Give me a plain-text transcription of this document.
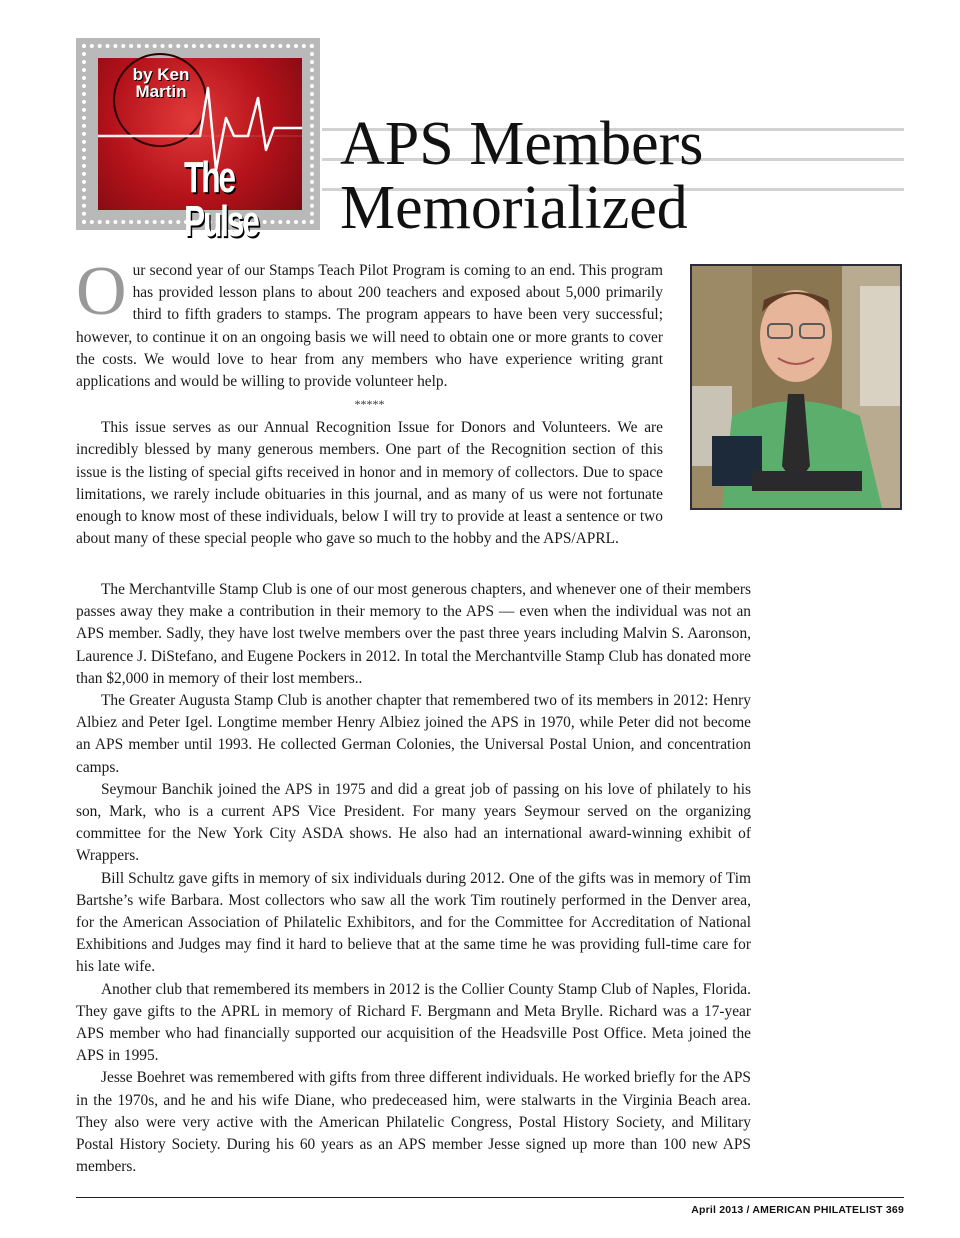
by Ken Martin
The Pulse
APS Members Memorialized

Our second year of our Stamps Teach Pilot Program is coming to an end. This program has provided lesson plans to about 200 teachers and exposed about 5,000 primarily third to fifth graders to stamps. The program appears to have been very successful; however, to continue it on an ongoing basis we will need to obtain one or more grants to cover the costs. We would love to hear from any members who have experience writing grant applications and would be willing to provide volunteer help.

*****

This issue serves as our Annual Recognition Issue for Donors and Volunteers. We are incredibly blessed by many generous members. One part of the Recognition section of this issue is the listing of special gifts received in honor and in memory of collectors. Due to space limitations, we rarely include obituaries in this journal, and as many of us were not fortunate enough to know most of these individuals, below I will try to provide at least a sentence or two about many of these special people who gave so much to the hobby and the APS/APRL.

The Merchantville Stamp Club is one of our most generous chapters, and whenever one of their members passes away they make a contribution in their memory to the APS — even when the individual was not an APS member. Sadly, they have lost twelve members over the past three years including Malvin S. Aaronson, Laurence J. DiStefano, and Eugene Pockers in 2012. In total the Merchantville Stamp Club has donated more than $2,000 in memory of their lost members..

The Greater Augusta Stamp Club is another chapter that remembered two of its members in 2012: Henry Albiez and Peter Igel. Longtime member Henry Albiez joined the APS in 1970, while Peter did not become an APS member until 1993. He collected German Colonies, the Universal Postal Union, and concentration camps.

Seymour Banchik joined the APS in 1975 and did a great job of passing on his love of philately to his son, Mark, who is a current APS Vice President. For many years Seymour served on the organizing committee for the New York City ASDA shows. He also had an international award-winning exhibit of Wrappers.

Bill Schultz gave gifts in memory of six individuals during 2012. One of the gifts was in memory of Tim Bartshe’s wife Barbara. Most collectors who saw all the work Tim routinely performed in the Denver area, for the American Association of Philatelic Exhibitors, and for the Committee for Accreditation of National Exhibitions and Judges may find it hard to believe that at the same time he was providing full-time care for his late wife.

Another club that remembered its members in 2012 is the Collier County Stamp Club of Naples, Florida. They gave gifts to the APRL in memory of Richard F. Bergmann and Meta Brylle. Richard was a 17-year APS member who had financially supported our acquisition of the Headsville Post Office. Meta joined the APS in 1995.

Jesse Boehret was remembered with gifts from three different individuals. He worked briefly for the APS in the 1970s, and he and his wife Diane, who predeceased him, were stalwarts in the Virginia Beach area. They also were very active with the American Philatelic Congress, Postal History Society, and Military Postal History Society. During his 60 years as an APS member Jesse signed up more than 100 new APS members.

April 2013 / AMERICAN PHILATELIST 369
